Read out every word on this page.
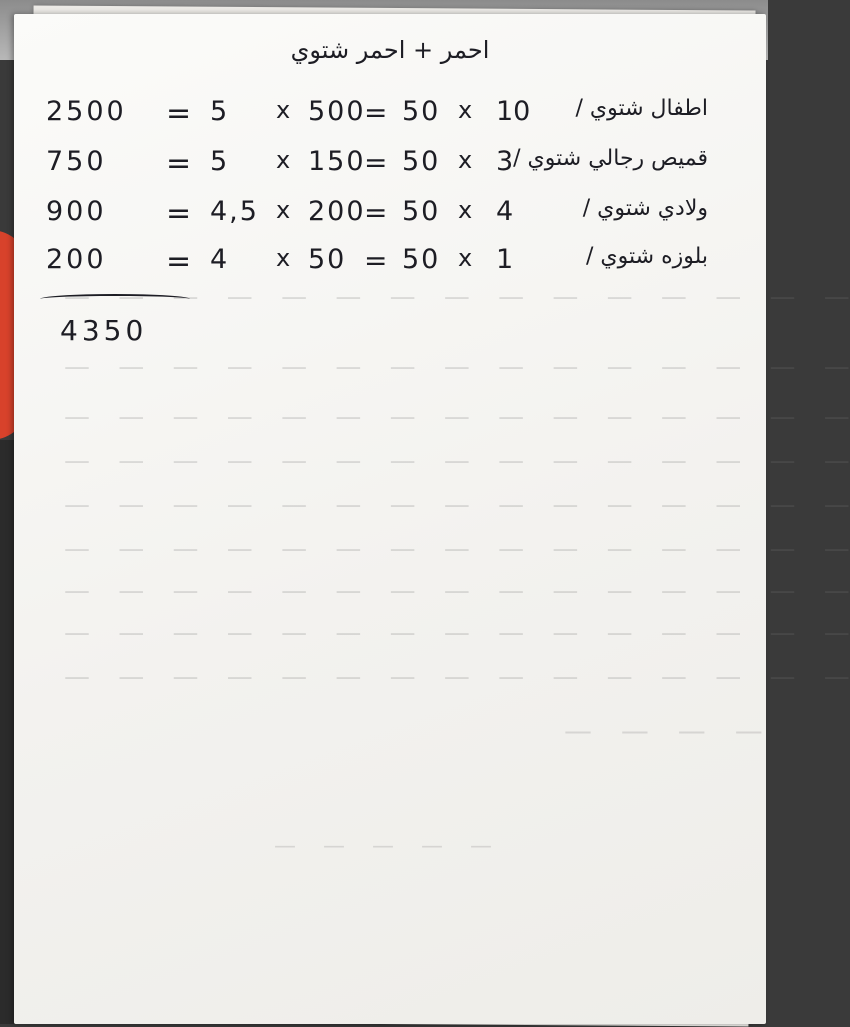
— — — — — — — — — — — — — — —
— — — — — — — — — — — — — — —
— — — — — — — — — — — — — — —
— — — — — — — — — — — — — — —
— — — — — — — — — — — — — — —
— — — — — — — — — — — — — — —
— — — — — — — — — — — — — — —
— — — — — — — — — — — — — — —
— — — — — — — — — — — — — — —
— — — —
— — — — —
احمر + احمر شتوي
2500 = 5 x 500
= 50 x 10 اطفال شتوي /
750 = 5 x 150
= 50 x 3 قميص رجالي شتوي /
900 = 4,5 x 200
= 50 x 4	ولادي شتوي /
200 = 4 x 50 = 50 x 1	بلوزه شتوي /
4350
